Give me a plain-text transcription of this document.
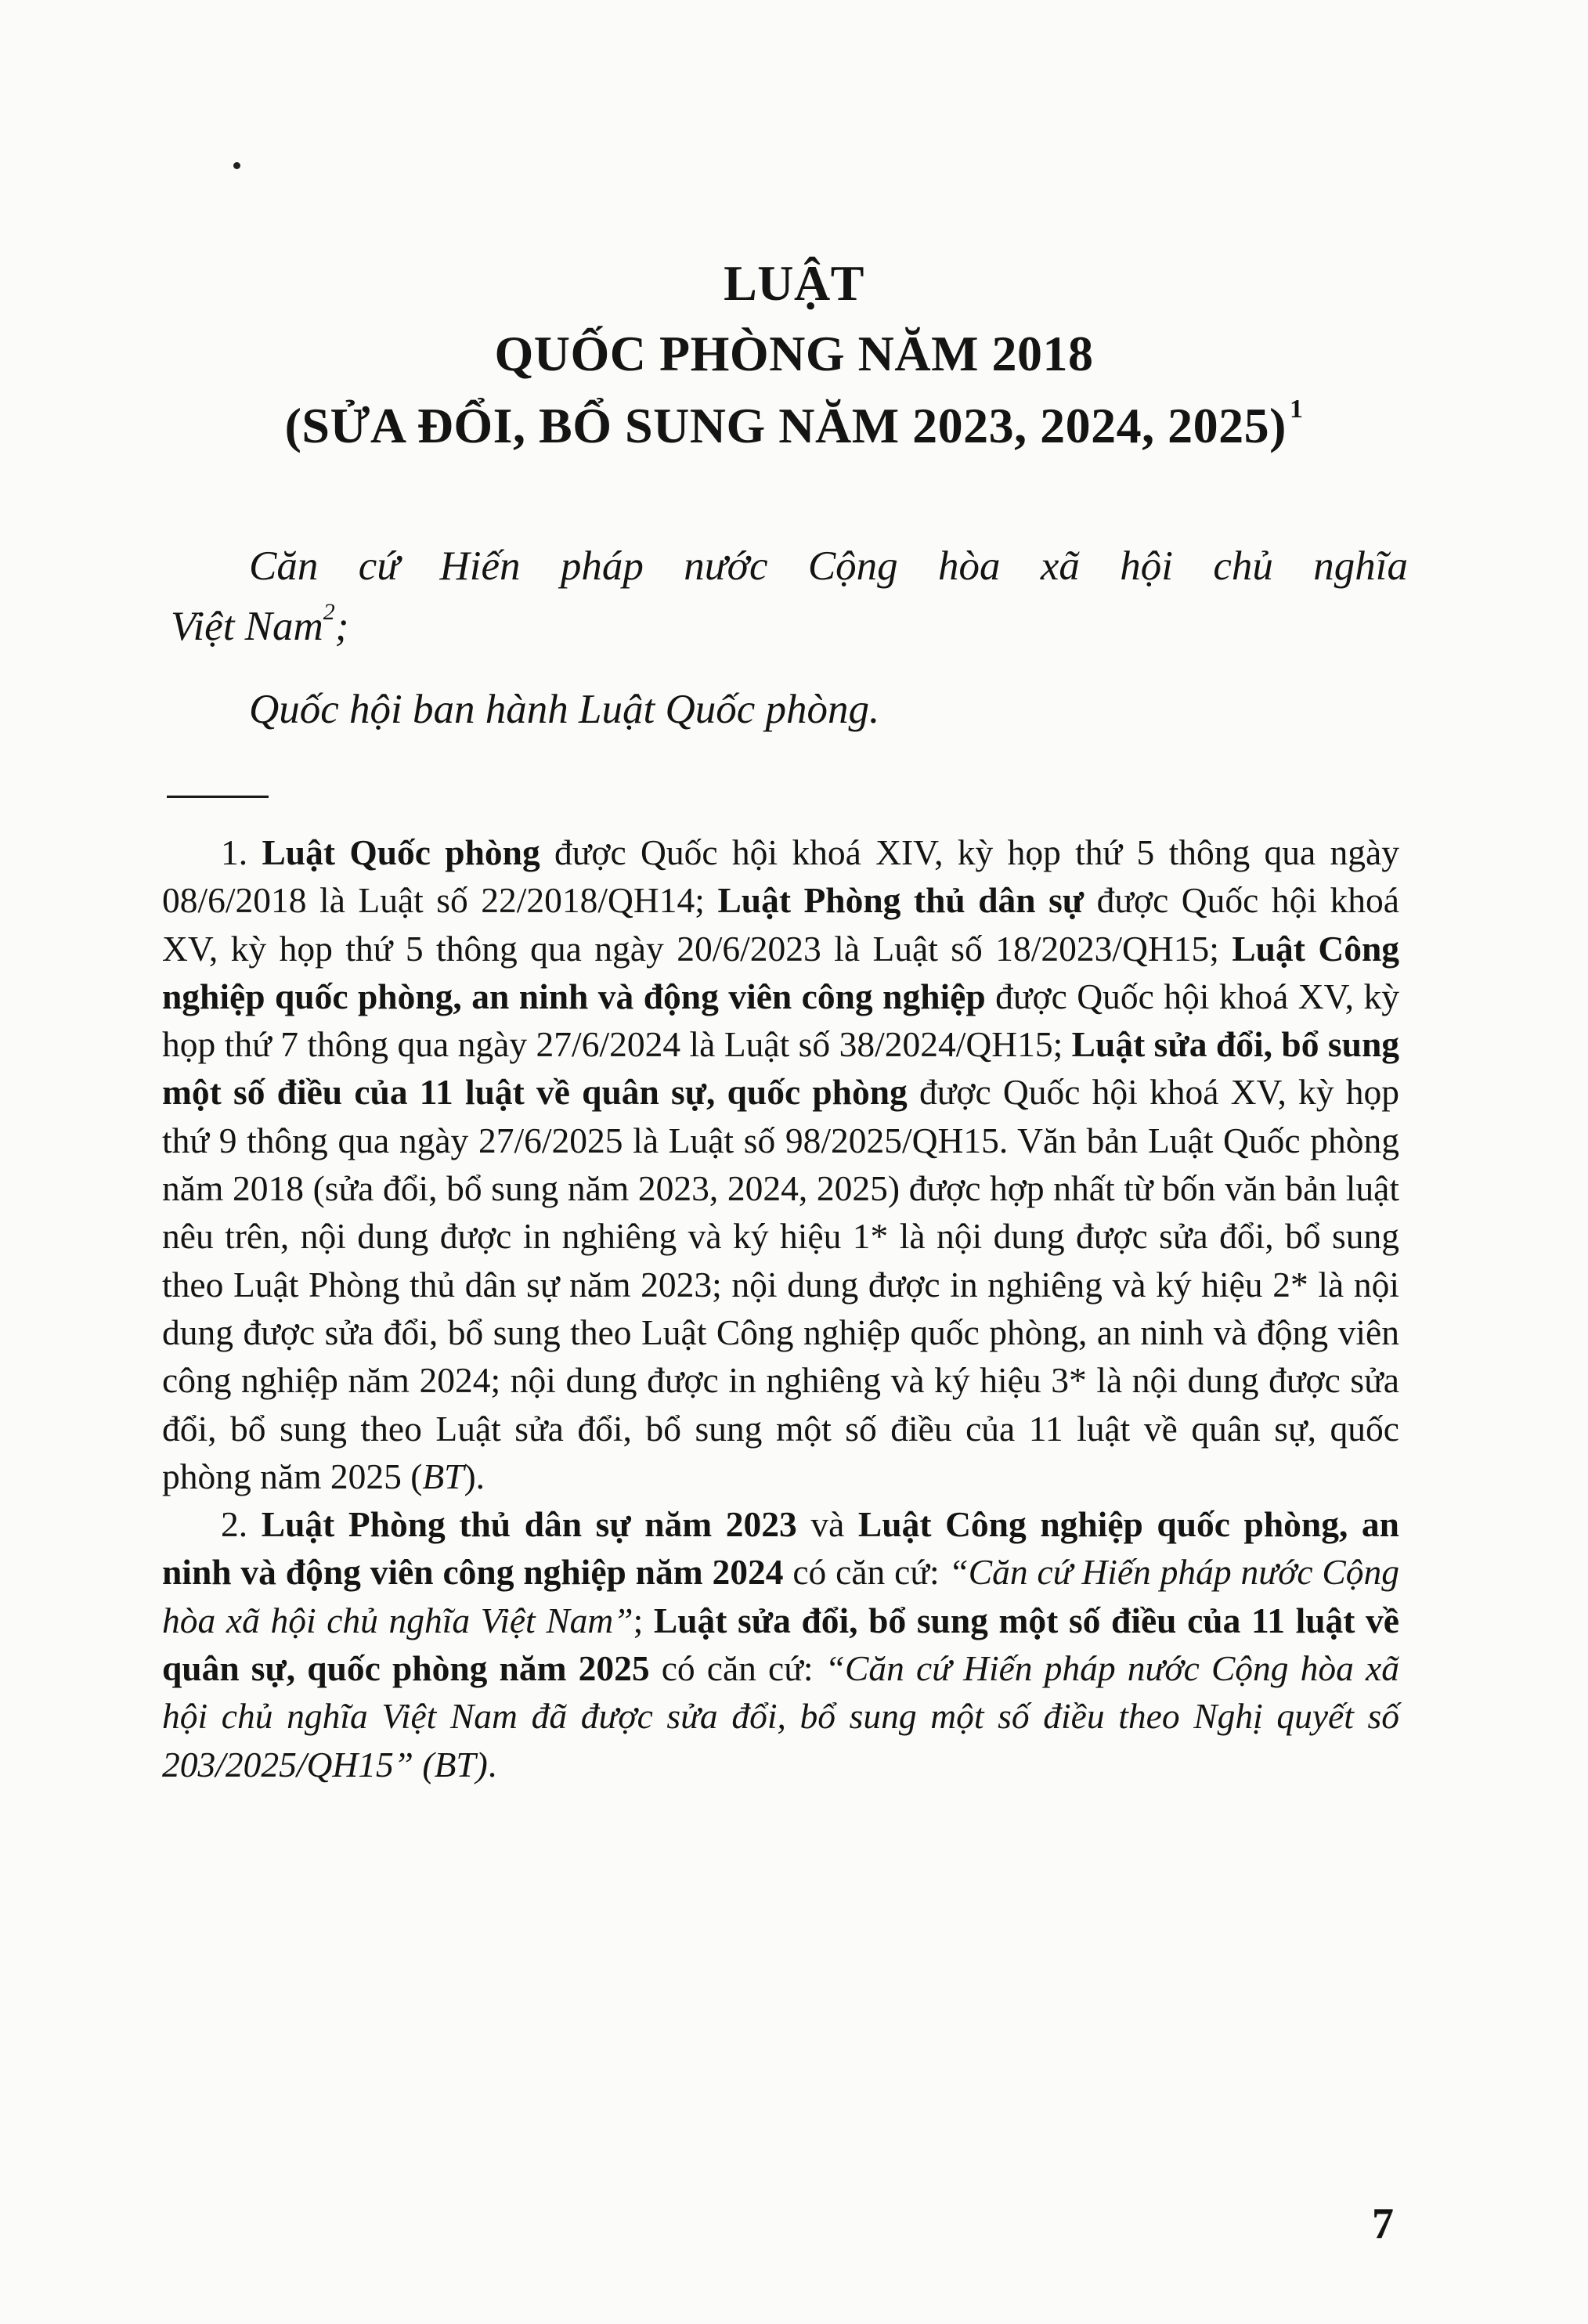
LUẬT
QUỐC PHÒNG NĂM 2018
(SỬA ĐỔI, BỔ SUNG NĂM 2023, 2024, 2025) $^1$
Căn cứ Hiến pháp nước Cộng hòa xã hội chủ nghĩa
Việt Nam$^2$;
Quốc hội ban hành Luật Quốc phòng.

1. Luật Quốc phòng được Quốc hội khoá XIV, kỳ họp thứ 5 thông qua ngày 08/6/2018 là Luật số 22/2018/QH14; Luật Phòng thủ dân sự được Quốc hội khoá XV, kỳ họp thứ 5 thông qua ngày 20/6/2023 là Luật số 18/2023/QH15; Luật Công nghiệp quốc phòng, an ninh và động viên công nghiệp được Quốc hội khoá XV, kỳ họp thứ 7 thông qua ngày 27/6/2024 là Luật số 38/2024/QH15; Luật sửa đổi, bổ sung một số điều của 11 luật về quân sự, quốc phòng được Quốc hội khoá XV, kỳ họp thứ 9 thông qua ngày 27/6/2025 là Luật số 98/2025/QH15. Văn bản Luật Quốc phòng năm 2018 (sửa đổi, bổ sung năm 2023, 2024, 2025) được hợp nhất từ bốn văn bản luật nêu trên, nội dung được in nghiêng và ký hiệu 1* là nội dung được sửa đổi, bổ sung theo Luật Phòng thủ dân sự năm 2023; nội dung được in nghiêng và ký hiệu 2* là nội dung được sửa đổi, bổ sung theo Luật Công nghiệp quốc phòng, an ninh và động viên công nghiệp năm 2024; nội dung được in nghiêng và ký hiệu 3* là nội dung được sửa đổi, bổ sung theo Luật sửa đổi, bổ sung một số điều của 11 luật về quân sự, quốc phòng năm 2025 (BT).

2. Luật Phòng thủ dân sự năm 2023 và Luật Công nghiệp quốc phòng, an ninh và động viên công nghiệp năm 2024 có căn cứ: “Căn cứ Hiến pháp nước Cộng hòa xã hội chủ nghĩa Việt Nam”; Luật sửa đổi, bổ sung một số điều của 11 luật về quân sự, quốc phòng năm 2025 có căn cứ: “Căn cứ Hiến pháp nước Cộng hòa xã hội chủ nghĩa Việt Nam đã được sửa đổi, bổ sung một số điều theo Nghị quyết số 203/2025/QH15” (BT).

7
